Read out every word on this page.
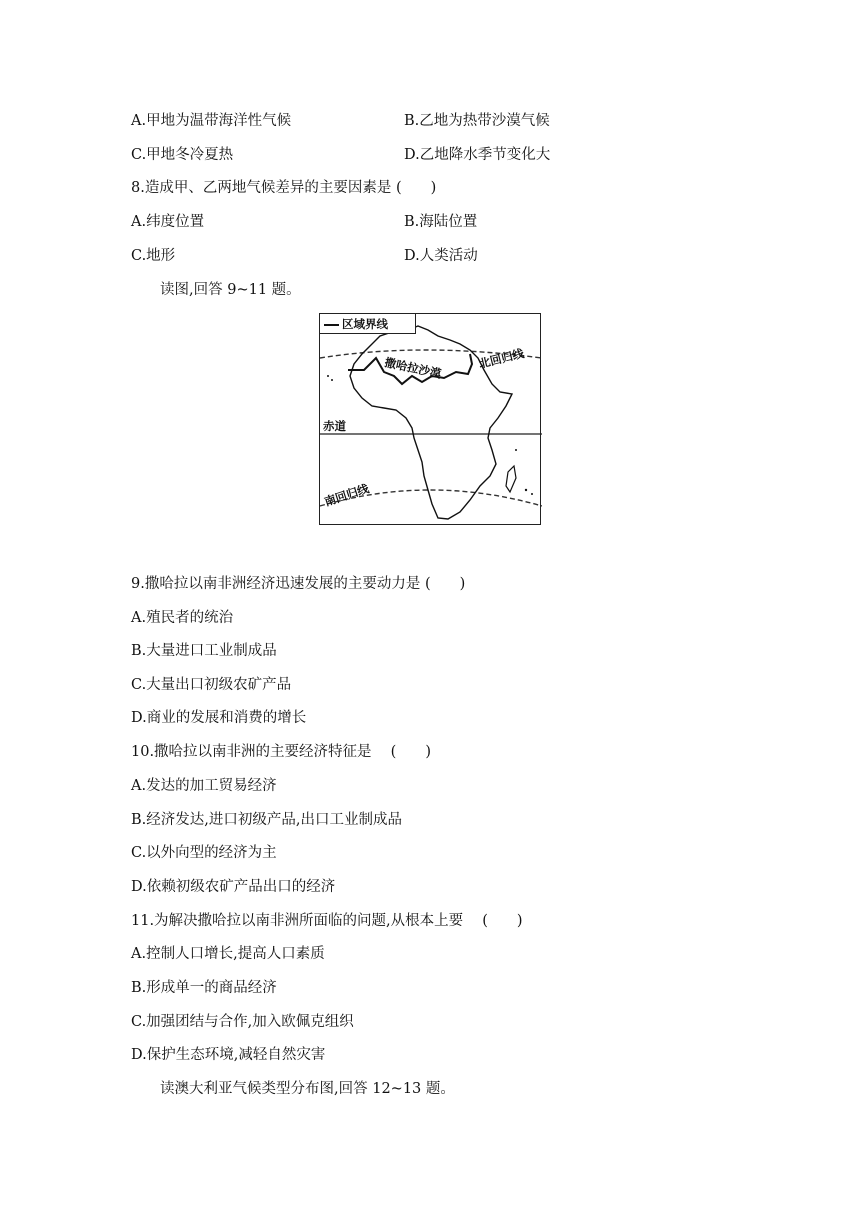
A.甲地为温带海洋性气候	B.乙地为热带沙漠气候
C.甲地冬冷夏热	D.乙地降水季节变化大
8.造成甲、乙两地气候差异的主要因素是 (　　)
A.纬度位置	B.海陆位置
C.地形	D.人类活动
读图,回答 9~11 题。
撒哈拉沙漠	北回归线
赤道
南回归线
区域界线
9.撒哈拉以南非洲经济迅速发展的主要动力是 (　　)
A.殖民者的统治
B.大量进口工业制成品
C.大量出口初级农矿产品
D.商业的发展和消费的增长
10.撒哈拉以南非洲的主要经济特征是　 (　　)
A.发达的加工贸易经济
B.经济发达,进口初级产品,出口工业制成品
C.以外向型的经济为主
D.依赖初级农矿产品出口的经济
11.为解决撒哈拉以南非洲所面临的问题,从根本上要　 (　　)
A.控制人口增长,提高人口素质
B.形成单一的商品经济
C.加强团结与合作,加入欧佩克组织
D.保护生态环境,减轻自然灾害
读澳大利亚气候类型分布图,回答 12~13 题。
